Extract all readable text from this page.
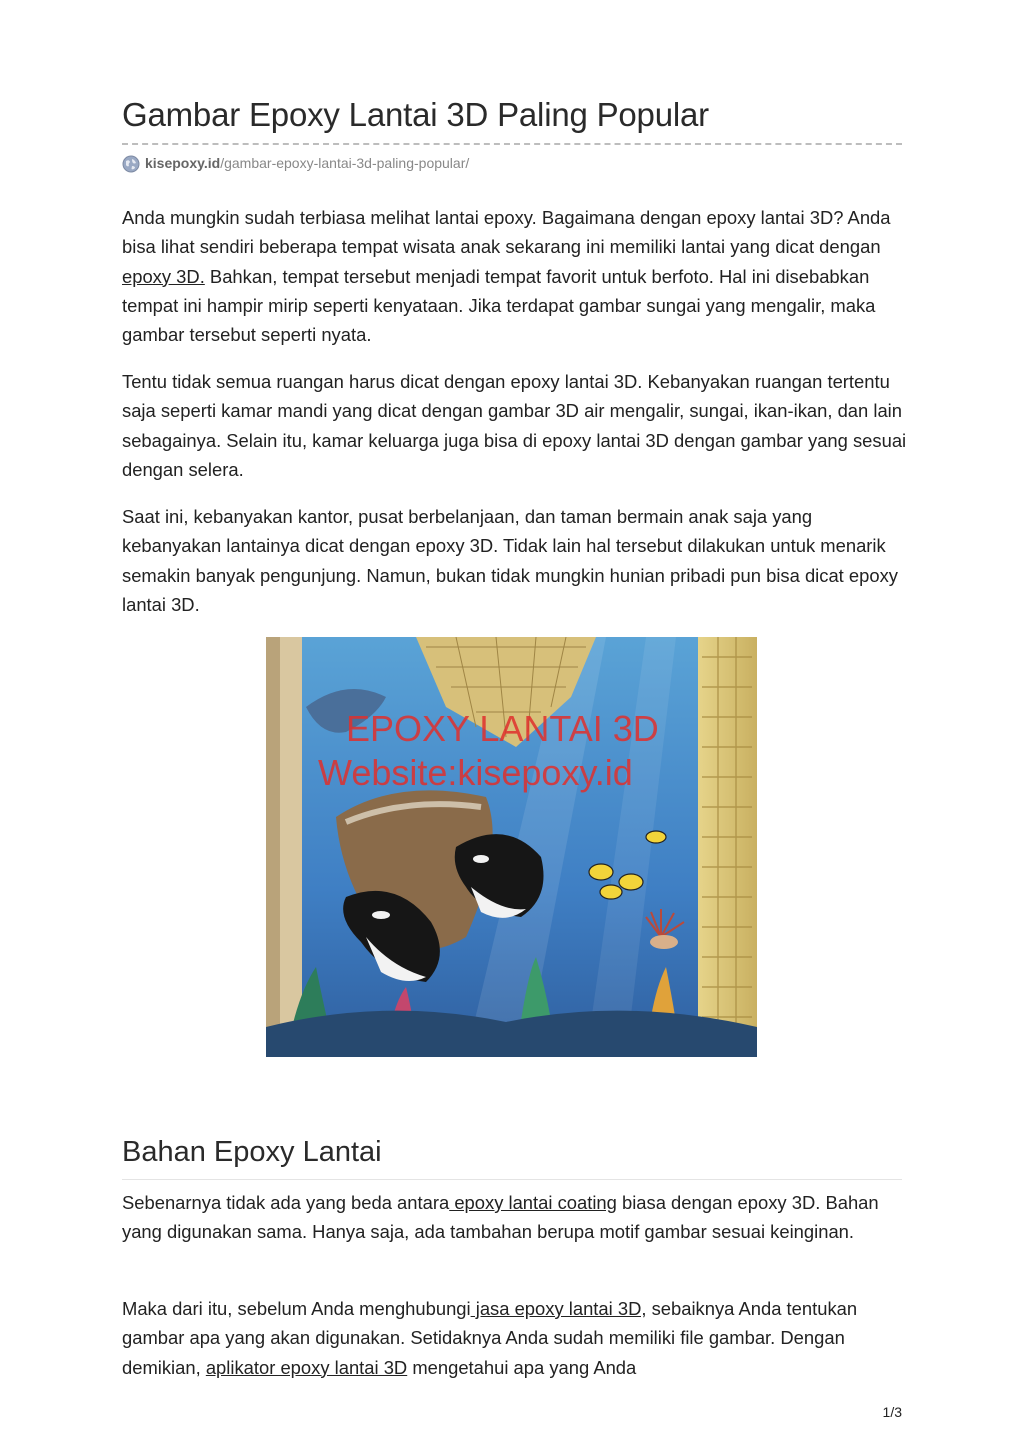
Gambar Epoxy Lantai 3D Paling Popular
kisepoxy.id/gambar-epoxy-lantai-3d-paling-popular/

Anda mungkin sudah terbiasa melihat lantai epoxy. Bagaimana dengan epoxy lantai 3D? Anda bisa lihat sendiri beberapa tempat wisata anak sekarang ini memiliki lantai yang dicat dengan epoxy 3D. Bahkan, tempat tersebut menjadi tempat favorit untuk berfoto. Hal ini disebabkan tempat ini hampir mirip seperti kenyataan. Jika terdapat gambar sungai yang mengalir, maka gambar tersebut seperti nyata.

Tentu tidak semua ruangan harus dicat dengan epoxy lantai 3D. Kebanyakan ruangan tertentu saja seperti kamar mandi yang dicat dengan gambar 3D air mengalir, sungai, ikan-ikan, dan lain sebagainya. Selain itu, kamar keluarga juga bisa di epoxy lantai 3D dengan gambar yang sesuai dengan selera.

Saat ini, kebanyakan kantor, pusat berbelanjaan, dan taman bermain anak saja yang kebanyakan lantainya dicat dengan epoxy 3D. Tidak lain hal tersebut dilakukan untuk menarik semakin banyak pengunjung. Namun, bukan tidak mungkin hunian pribadi pun bisa dicat epoxy lantai 3D.

EPOXY LANTAI 3D
Website:kisepoxy.id
Bahan Epoxy Lantai

Sebenarnya tidak ada yang beda antara epoxy lantai coating biasa dengan epoxy 3D. Bahan yang digunakan sama. Hanya saja, ada tambahan berupa motif gambar sesuai keinginan.

Maka dari itu, sebelum Anda menghubungi jasa epoxy lantai 3D, sebaiknya Anda tentukan gambar apa yang akan digunakan. Setidaknya Anda sudah memiliki file gambar. Dengan demikian, aplikator epoxy lantai 3D mengetahui apa yang Anda

1/3
